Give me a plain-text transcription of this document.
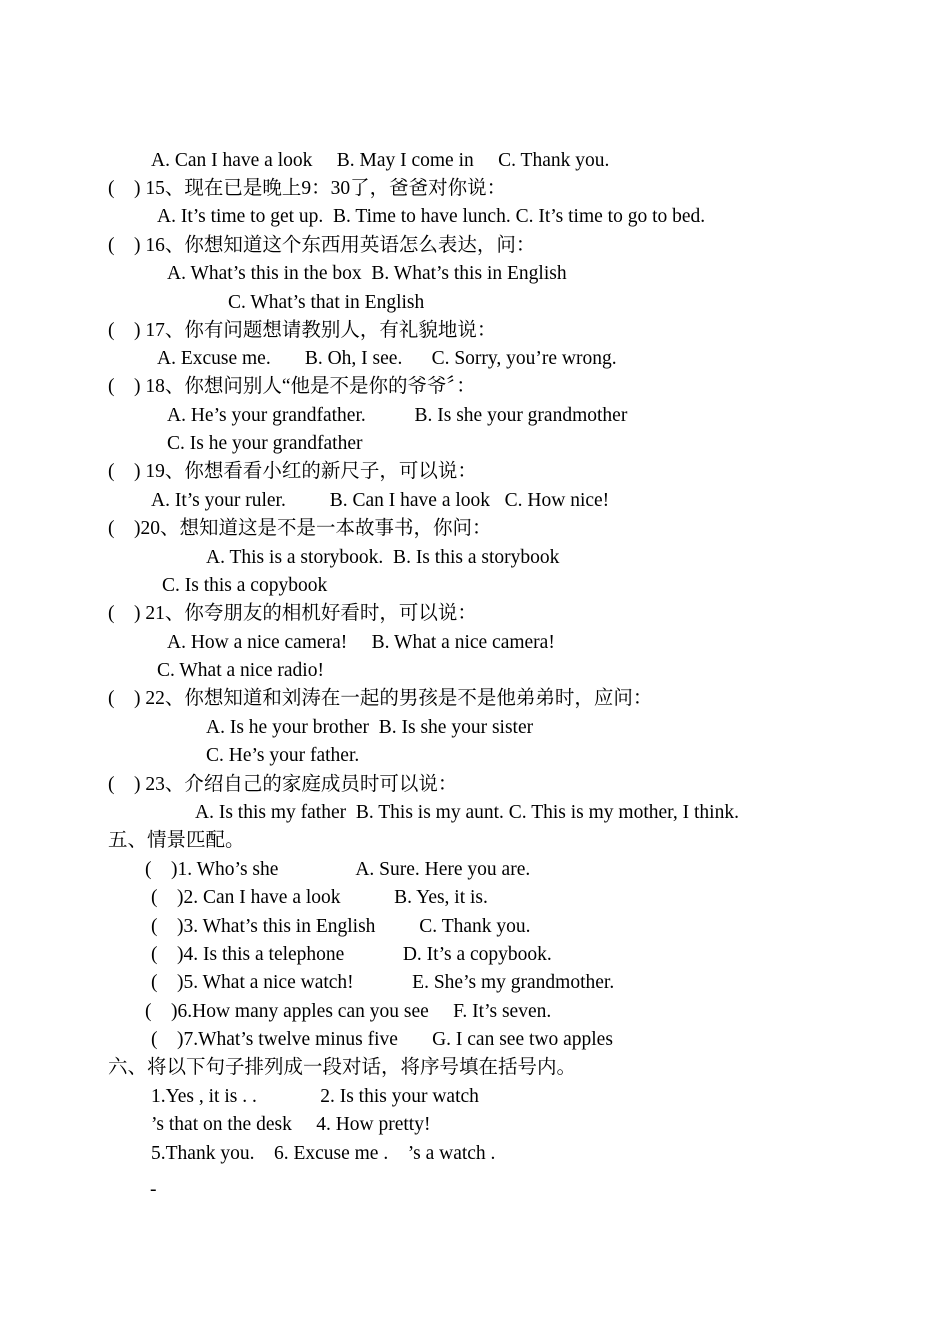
A. Can I have a look     B. May I come in     C. Thank you.
(    ) 15、现在已是晚上9：30了，爸爸对你说：
A. It’s time to get up.  B. Time to have lunch. C. It’s time to go to bed.
(    ) 16、你想知道这个东西用英语怎么表达，问：
A. What’s this in the box  B. What’s this in English
C. What’s that in English
(    ) 17、你有问题想请教别人，有礼貌地说：
A. Excuse me.       B. Oh, I see.      C. Sorry, you’re wrong.
(    ) 18、你想问别人“他是不是你的爷爷〞：
A. He’s your grandfather.          B. Is she your grandmother
C. Is he your grandfather
(    ) 19、你想看看小红的新尺子，可以说：
A. It’s your ruler.         B. Can I have a look   C. How nice!
(    )20、想知道这是不是一本故事书，你问：
A. This is a storybook.  B. Is this a storybook
C. Is this a copybook
(    ) 21、你夸朋友的相机好看时，可以说：
A. How a nice camera!     B. What a nice camera!
C. What a nice radio!
(    ) 22、你想知道和刘涛在一起的男孩是不是他弟弟时，应问：
A. Is he your brother  B. Is she your sister
C. He’s your father.
(    ) 23、介绍自己的家庭成员时可以说：
A. Is this my father  B. This is my aunt. C. This is my mother, I think.
五、情景匹配。
(    )1. Who’s she                A. Sure. Here you are.
(    )2. Can I have a look           B. Yes, it is.
(    )3. What’s this in English         C. Thank you.
(    )4. Is this a telephone            D. It’s a copybook.
(    )5. What a nice watch!            E. She’s my grandmother.
(    )6.How many apples can you see     F. It’s seven.
(    )7.What’s twelve minus five       G. I can see two apples
六、将以下句子排列成一段对话，将序号填在括号内。
1.Yes , it is . .             2. Is this your watch
’s that on the desk     4. How pretty!
5.Thank you.    6. Excuse me .    ’s a watch .
-
